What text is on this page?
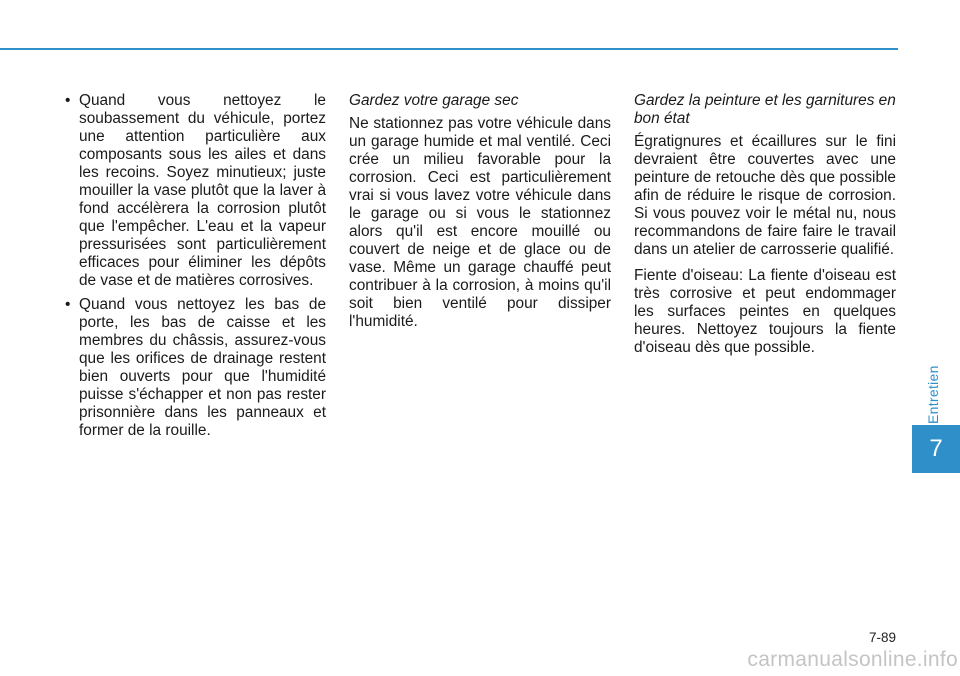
• Quand vous nettoyez le soubassement du véhicule, portez une attention particulière aux composants sous les ailes et dans les recoins. Soyez minutieux; juste mouiller la vase plutôt que la laver à fond accélèrera la corrosion plutôt que l'empêcher. L'eau et la vapeur pressurisées sont particulièrement efficaces pour éliminer les dépôts de vase et de matières corrosives.
• Quand vous nettoyez les bas de porte, les bas de caisse et les membres du châssis, assurez-vous que les orifices de drainage restent bien ouverts pour que l'humidité puisse s'échapper et non pas rester prisonnière dans les panneaux et former de la rouille.
Gardez votre garage sec

Ne stationnez pas votre véhicule dans un garage humide et mal ventilé. Ceci crée un milieu favorable pour la corrosion. Ceci est particulièrement vrai si vous lavez votre véhicule dans le garage ou si vous le stationnez alors qu'il est encore mouillé ou couvert de neige et de glace ou de vase. Même un garage chauffé peut contribuer à la corrosion, à moins qu'il soit bien ventilé pour dissiper l'humidité.

Gardez la peinture et les garnitures en bon état

Égratignures et écaillures sur le fini devraient être couvertes avec une peinture de retouche dès que possible afin de réduire le risque de corrosion. Si vous pouvez voir le métal nu, nous recommandons de faire faire le travail dans un atelier de carrosserie qualifié.

Fiente d'oiseau: La fiente d'oiseau est très corrosive et peut endommager les surfaces peintes en quelques heures. Nettoyez toujours la fiente d'oiseau dès que possible.

Entretien
7
7-89
carmanualsonline.info
